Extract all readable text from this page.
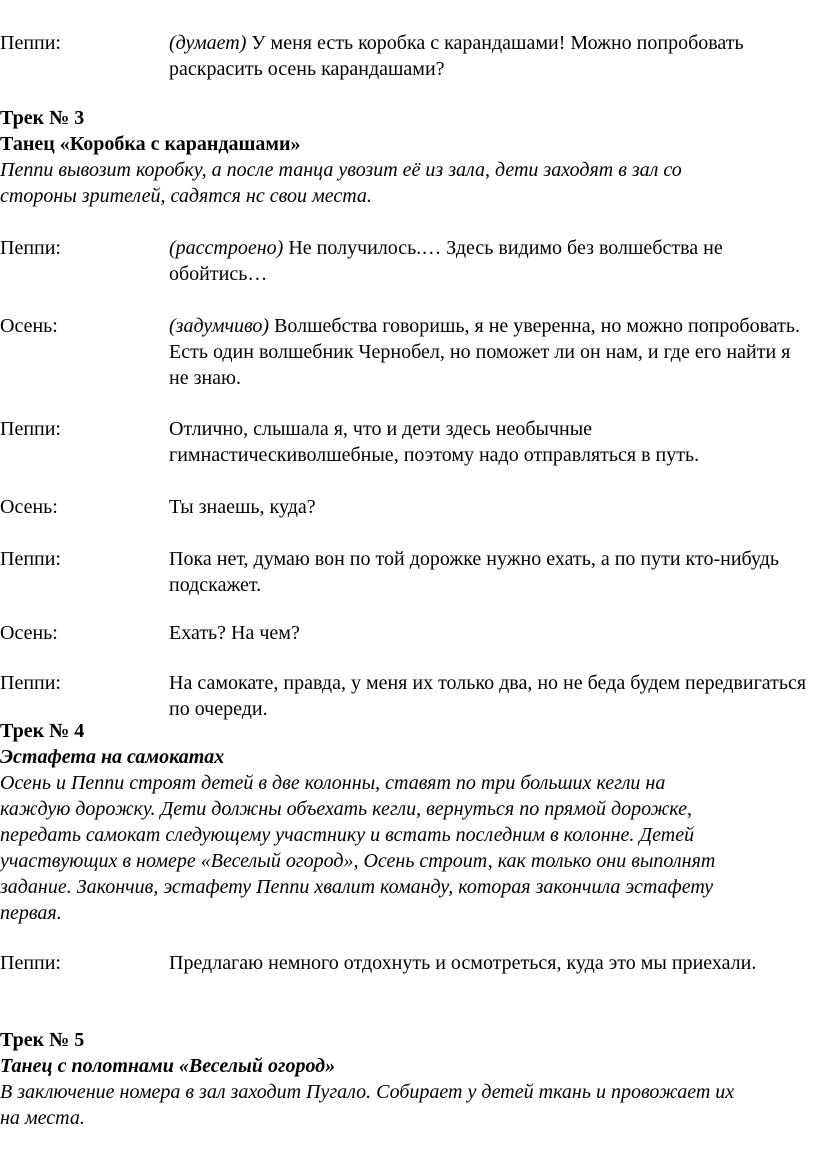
Пеппи:	(думает) У меня есть коробка с карандашами! Можно попробовать раскрасить осень карандашами?
Трек № 3
Танец «Коробка с карандашами»
Пеппи вывозит коробку, а после танца увозит её из зала, дети заходят в зал со
стороны зрителей, садятся нс свои места.
Пеппи:	(расстроено) Не получилось.… Здесь видимо без волшебства не обойтись…
Осень:	(задумчиво) Волшебства говоришь, я не уверенна, но можно попробовать. Есть один волшебник Чернобел, но поможет ли он нам, и где его найти я не знаю.
Пеппи:	Отлично, слышала я, что и дети здесь необычные гимнастическиволшебные, поэтому надо отправляться в путь.
Осень:	Ты знаешь, куда?
Пеппи:	Пока нет, думаю вон по той дорожке нужно ехать, а по пути кто-нибудь подскажет.
Осень:	Ехать? На чем?
Пеппи:	На самокате, правда, у меня их только два, но не беда будем передвигаться по очереди.
Трек № 4
Эстафета на самокатах
Осень и Пеппи строят детей в две колонны, ставят по три больших кегли на
каждую дорожку. Дети должны объехать кегли, вернуться по прямой дорожке,
передать самокат следующему участнику и встать последним в колонне. Детей
участвующих в номере «Веселый огород», Осень строит, как только они выполнят
задание. Закончив, эстафету Пеппи хвалит команду, которая закончила эстафету
первая.
Пеппи:	Предлагаю немного отдохнуть и осмотреться, куда это мы приехали.
Трек № 5
Танец с полотнами «Веселый огород»
В заключение номера в зал заходит Пугало. Собирает у детей ткань и провожает их
на места.
